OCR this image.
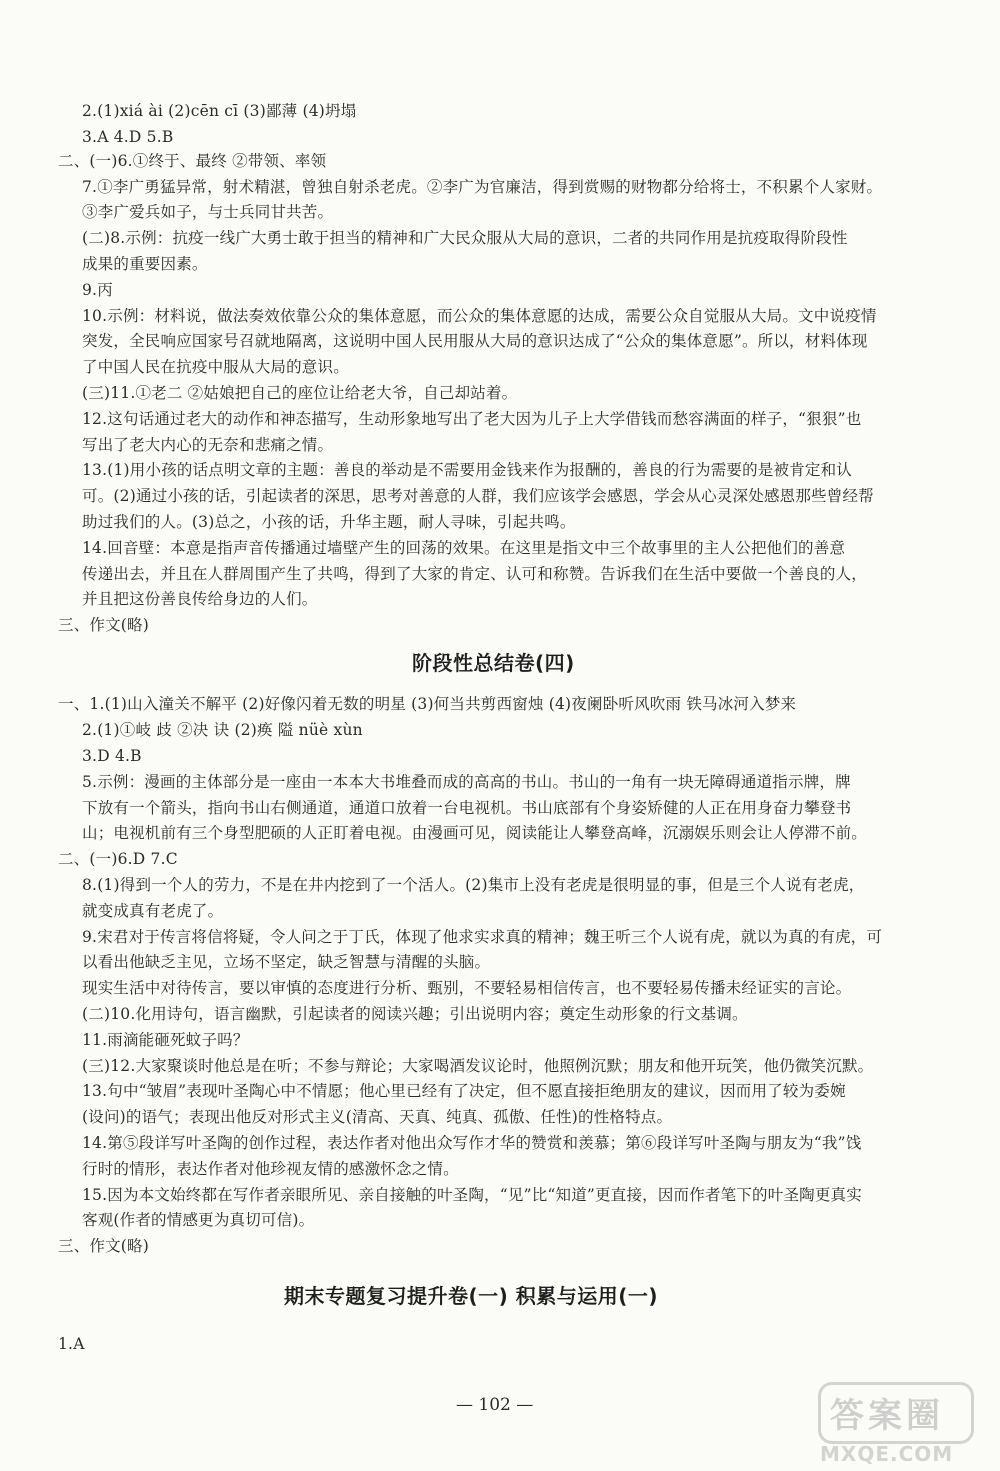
2.(1)xiá ài (2)cēn cī (3)鄙薄 (4)坍塌
3.A 4.D 5.B
二、(一)6.①终于、最终 ②带领、率领
7.①李广勇猛异常，射术精湛，曾独自射杀老虎。②李广为官廉洁，得到赏赐的财物都分给将士，不积累个人家财。
③李广爱兵如子，与士兵同甘共苦。
(二)8.示例：抗疫一线广大勇士敢于担当的精神和广大民众服从大局的意识，二者的共同作用是抗疫取得阶段性
成果的重要因素。
9.丙
10.示例：材料说，做法奏效依靠公众的集体意愿，而公众的集体意愿的达成，需要公众自觉服从大局。文中说疫情
突发，全民响应国家号召就地隔离，这说明中国人民用服从大局的意识达成了“公众的集体意愿”。所以，材料体现
了中国人民在抗疫中服从大局的意识。
(三)11.①老二 ②姑娘把自己的座位让给老大爷，自己却站着。
12.这句话通过老大的动作和神态描写，生动形象地写出了老大因为儿子上大学借钱而愁容满面的样子，“狠狠”也
写出了老大内心的无奈和悲痛之情。
13.(1)用小孩的话点明文章的主题：善良的举动是不需要用金钱来作为报酬的，善良的行为需要的是被肯定和认
可。(2)通过小孩的话，引起读者的深思，思考对善意的人群，我们应该学会感恩，学会从心灵深处感恩那些曾经帮
助过我们的人。(3)总之，小孩的话，升华主题，耐人寻味，引起共鸣。
14.回音壁：本意是指声音传播通过墙壁产生的回荡的效果。在这里是指文中三个故事里的主人公把他们的善意
传递出去，并且在人群周围产生了共鸣，得到了大家的肯定、认可和称赞。告诉我们在生活中要做一个善良的人，
并且把这份善良传给身边的人们。
三、作文(略)
阶段性总结卷(四)
一、1.(1)山入潼关不解平 (2)好像闪着无数的明星 (3)何当共剪西窗烛 (4)夜阑卧听风吹雨 铁马冰河入梦来
2.(1)①岐 歧 ②决 诀 (2)痪 隘 nüè xùn
3.D 4.B
5.示例：漫画的主体部分是一座由一本本大书堆叠而成的高高的书山。书山的一角有一块无障碍通道指示牌，牌
下放有一个箭头，指向书山右侧通道，通道口放着一台电视机。书山底部有个身姿矫健的人正在用身奋力攀登书
山；电视机前有三个身型肥硕的人正盯着电视。由漫画可见，阅读能让人攀登高峰，沉溺娱乐则会让人停滞不前。
二、(一)6.D 7.C
8.(1)得到一个人的劳力，不是在井内挖到了一个活人。(2)集市上没有老虎是很明显的事，但是三个人说有老虎，
就变成真有老虎了。
9.宋君对于传言将信将疑，令人问之于丁氏，体现了他求实求真的精神；魏王听三个人说有虎，就以为真的有虎，可
以看出他缺乏主见，立场不坚定，缺乏智慧与清醒的头脑。
现实生活中对待传言，要以审慎的态度进行分析、甄别，不要轻易相信传言，也不要轻易传播未经证实的言论。
(二)10.化用诗句，语言幽默，引起读者的阅读兴趣；引出说明内容；奠定生动形象的行文基调。
11.雨滴能砸死蚊子吗？
(三)12.大家聚谈时他总是在听；不参与辩论；大家喝酒发议论时，他照例沉默；朋友和他开玩笑，他仍微笑沉默。
13.句中“皱眉”表现叶圣陶心中不情愿；他心里已经有了决定，但不愿直接拒绝朋友的建议，因而用了较为委婉
(设问)的语气；表现出他反对形式主义(清高、天真、纯真、孤傲、任性)的性格特点。
14.第⑤段详写叶圣陶的创作过程，表达作者对他出众写作才华的赞赏和羡慕；第⑥段详写叶圣陶与朋友为“我”饯
行时的情形，表达作者对他珍视友情的感激怀念之情。
15.因为本文始终都在写作者亲眼所见、亲自接触的叶圣陶，“见”比“知道”更直接，因而作者笔下的叶圣陶更真实
客观(作者的情感更为真切可信)。
三、作文(略)
期末专题复习提升卷(一) 积累与运用(一)
1.A
— 102 —	答案圈
MXQE.COM
